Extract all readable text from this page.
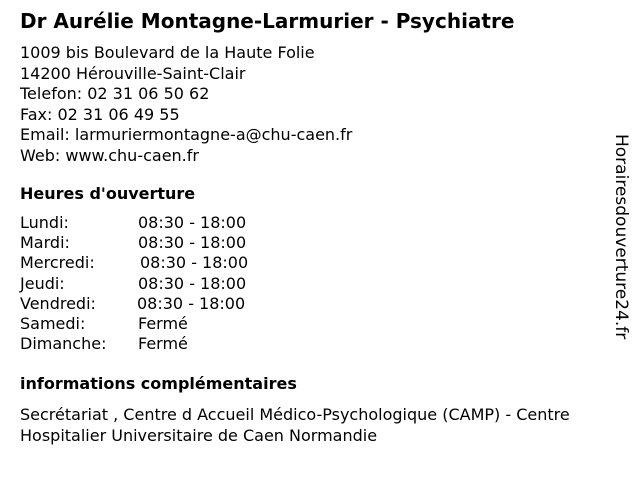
Dr Aurélie Montagne-Larmurier - Psychiatre
1009 bis Boulevard de la Haute Folie
14200 Hérouville-Saint-Clair
Telefon: 02 31 06 50 62
Fax: 02 31 06 49 55
Email: larmuriermontagne-a@chu-caen.fr
Web: www.chu-caen.fr
Heures d'ouverture
Lundi:	08:30 - 18:00
Mardi:	08:30 - 18:00
Mercredi:	08:30 - 18:00
Jeudi:	08:30 - 18:00
Vendredi:	08:30 - 18:00
Samedi:	Fermé
Dimanche: Fermé
informations complémentaires
Secrétariat , Centre d Accueil Médico-Psychologique (CAMP) - Centre Hospitalier Universitaire de Caen Normandie
Horairesdouverture24.fr
